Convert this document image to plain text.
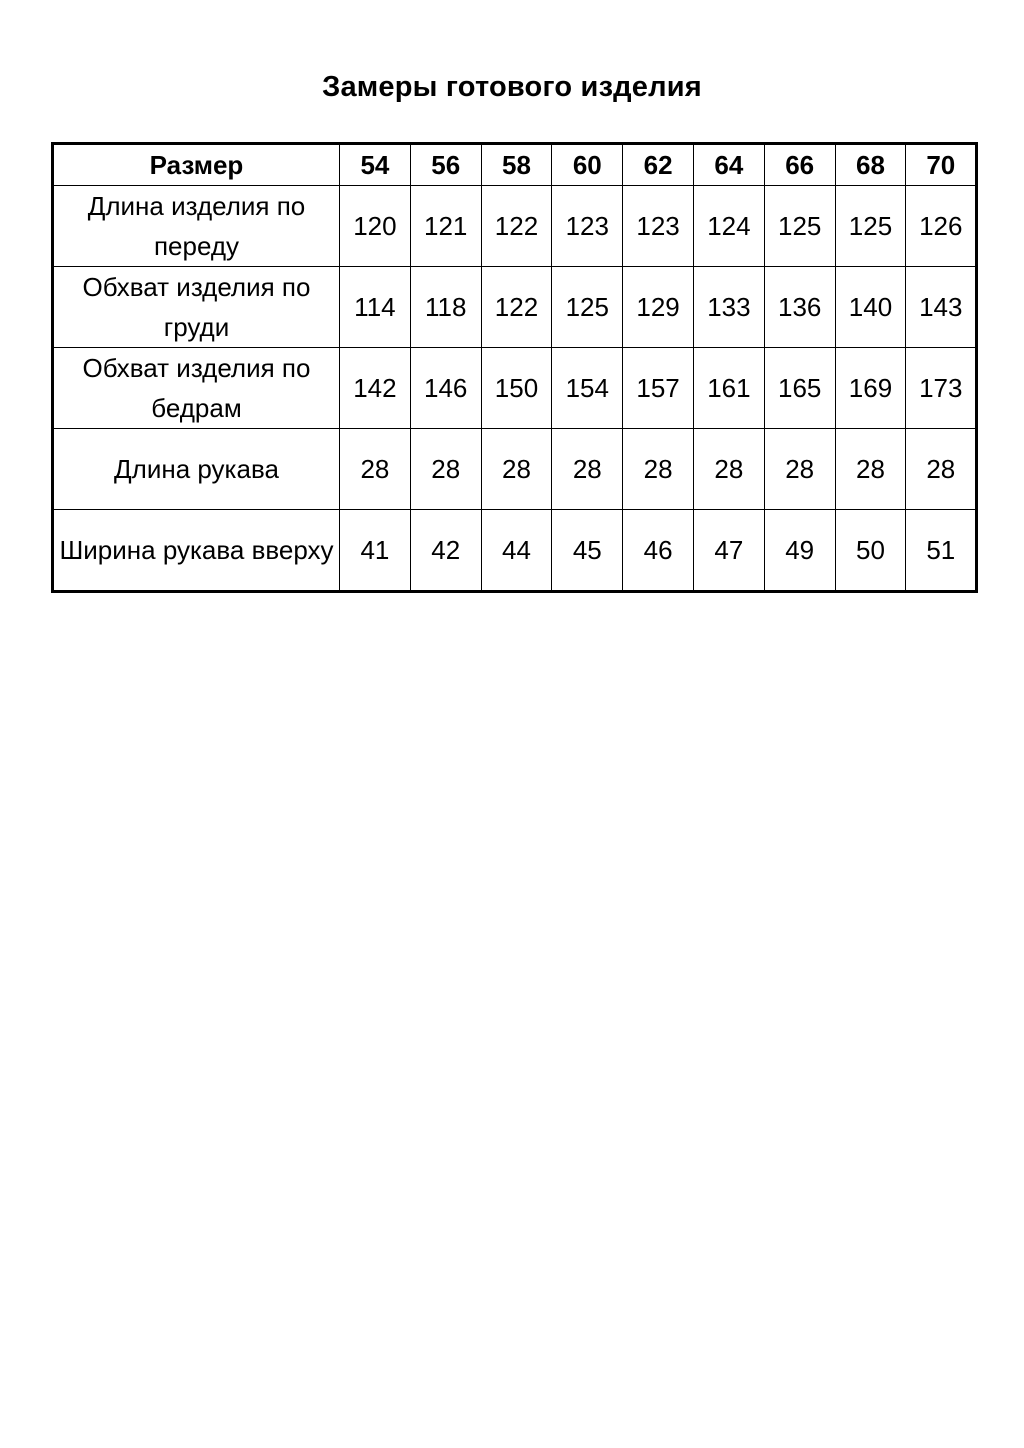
Замеры готового изделия
Размер	54	56	58	60	62	64	66	68	70
Длина изделия по переду	120	121	122	123	123	124	125	125	126
Обхват изделия по груди	114	118	122	125	129	133	136	140	143
Обхват изделия по бедрам	142	146	150	154	157	161	165	169	173
Длина рукава	28	28	28	28	28	28	28	28	28
Ширина рукава вверху	41	42	44	45	46	47	49	50	51
